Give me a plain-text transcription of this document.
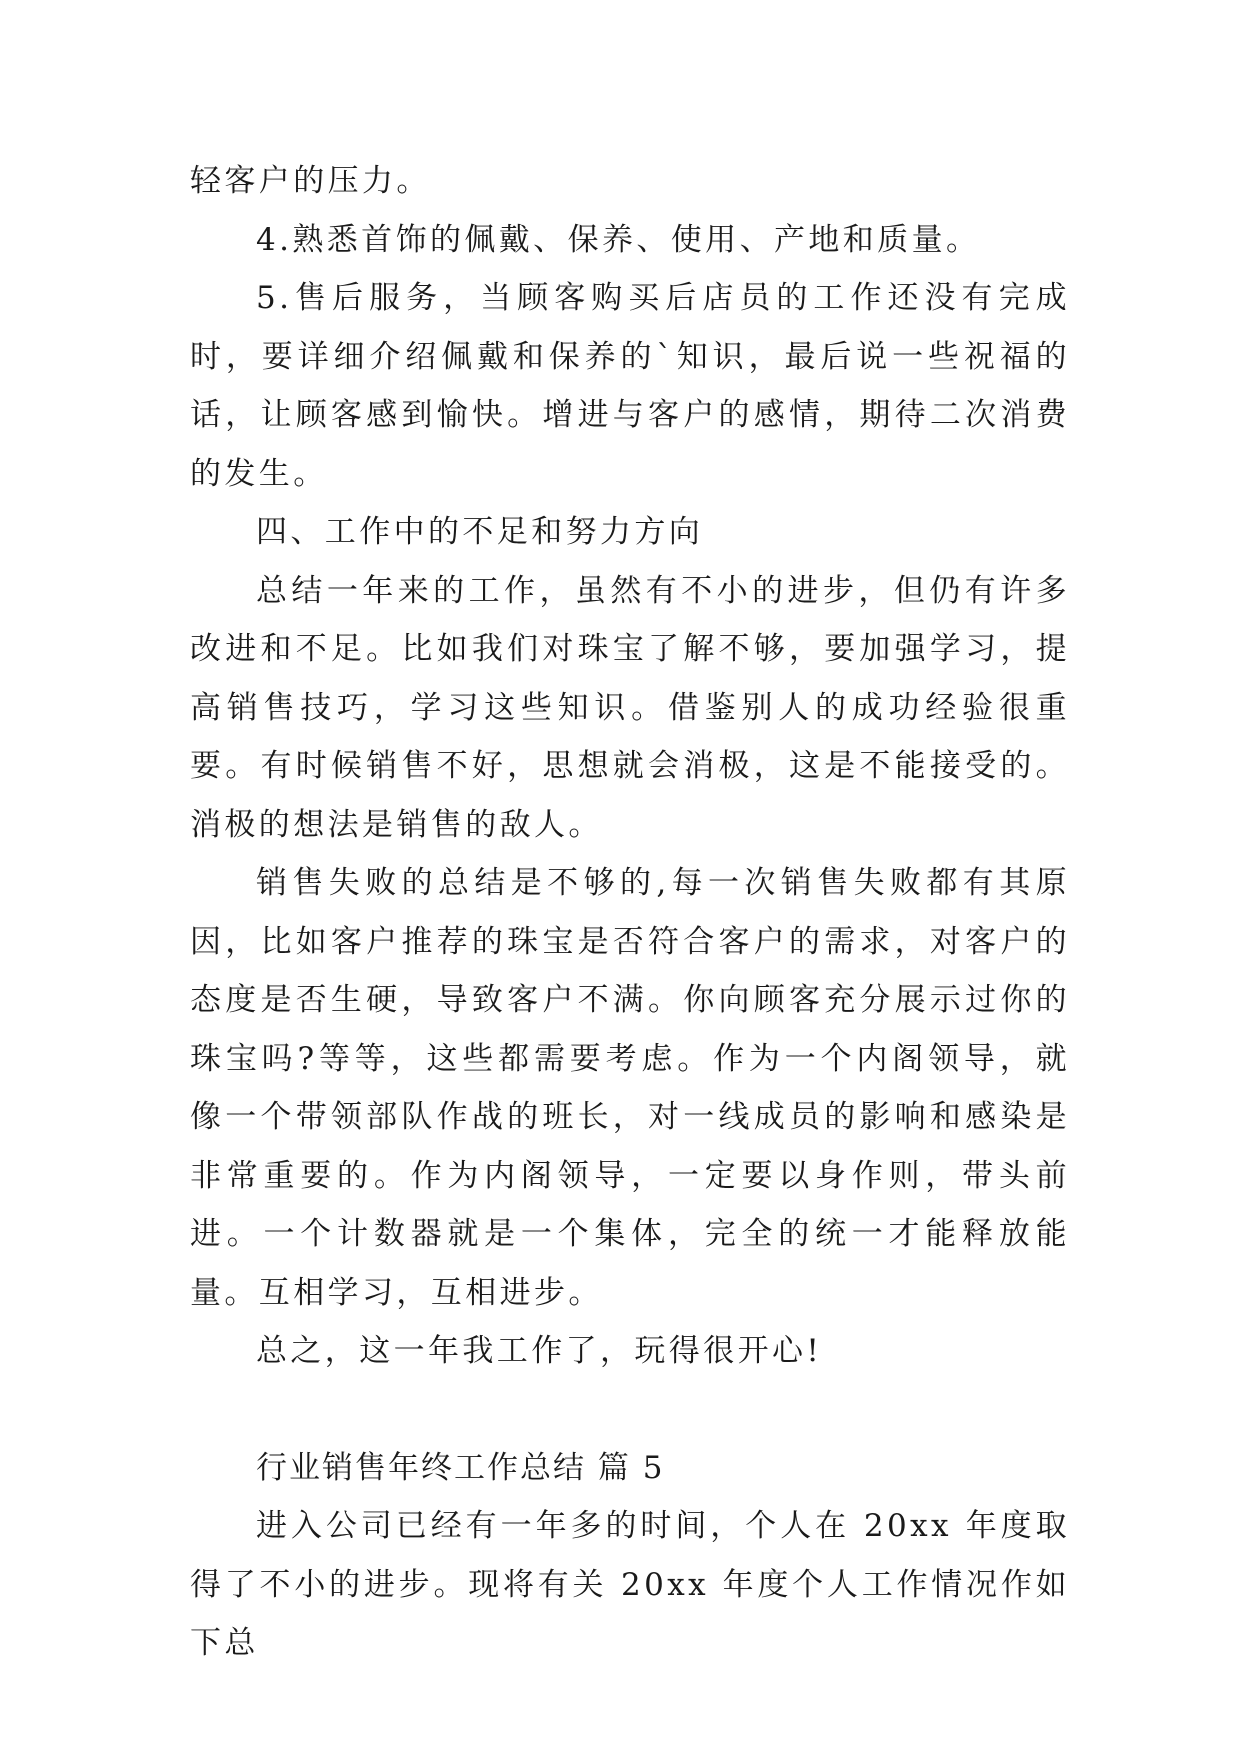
轻客户的压力。

4.熟悉首饰的佩戴、保养、使用、产地和质量。

5.售后服务，当顾客购买后店员的工作还没有完成时，要详细介绍佩戴和保养的`知识，最后说一些祝福的话，让顾客感到愉快。增进与客户的感情，期待二次消费的发生。

四、工作中的不足和努力方向

总结一年来的工作，虽然有不小的进步，但仍有许多改进和不足。比如我们对珠宝了解不够，要加强学习，提高销售技巧，学习这些知识。借鉴别人的成功经验很重要。有时候销售不好，思想就会消极，这是不能接受的。消极的想法是销售的敌人。

销售失败的总结是不够的,每一次销售失败都有其原因，比如客户推荐的珠宝是否符合客户的需求，对客户的态度是否生硬，导致客户不满。你向顾客充分展示过你的珠宝吗?等等，这些都需要考虑。作为一个内阁领导，就像一个带领部队作战的班长，对一线成员的影响和感染是非常重要的。作为内阁领导，一定要以身作则，带头前进。一个计数器就是一个集体，完全的统一才能释放能量。互相学习，互相进步。

总之，这一年我工作了，玩得很开心!

行业销售年终工作总结 篇 5

进入公司已经有一年多的时间，个人在 20xx 年度取得了不小的进步。现将有关 20xx 年度个人工作情况作如下总
